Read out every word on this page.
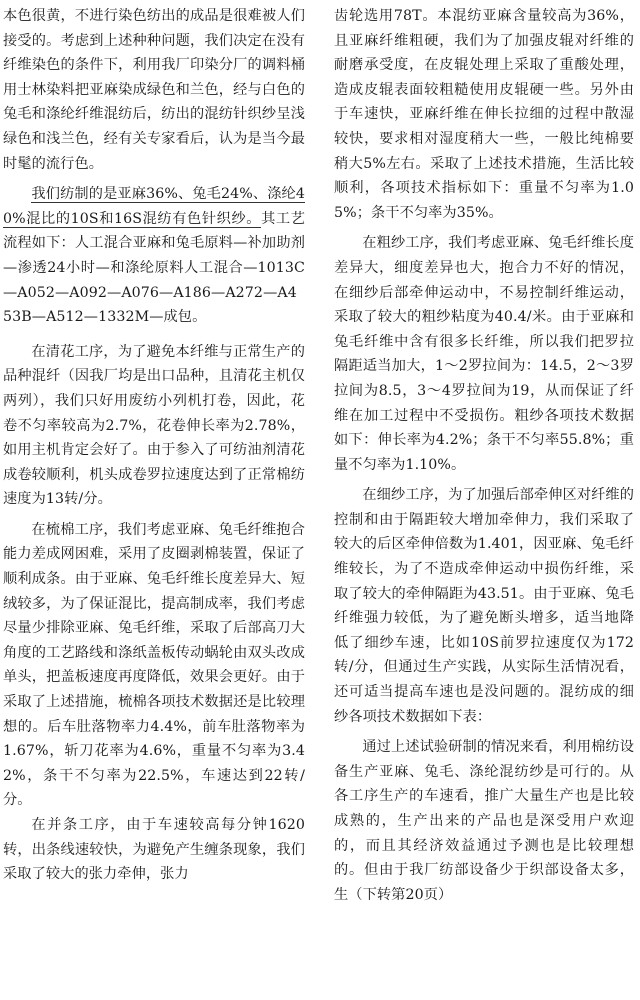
本色很黄，不进行染色纺出的成品是很难被人们接受的。考虑到上述种种问题，我们决定在没有纤维染色的条件下，利用我厂印染分厂的调料桶用士林染料把亚麻染成绿色和兰色，经与白色的兔毛和涤纶纤维混纺后，纺出的混纺针织纱呈浅绿色和浅兰色，经有关专家看后，认为是当今最时髦的流行色。

我们纺制的是亚麻36%、兔毛24%、涤纶40%混比的10S和16S混纺有色针织纱。其工艺流程如下：人工混合亚麻和兔毛原料—补加助剂—渗透24小时—和涤纶原料人工混合—1013C—A052—A092—A076—A186—A272—A453B—A512—1332M—成包。

在清花工序，为了避免本纤维与正常生产的品种混纤（因我厂均是出口品种，且清花主机仅两列），我们只好用废纺小列机打卷，因此，花卷不匀率较高为2.7%，花卷伸长率为2.78%，如用主机肯定会好了。由于参入了可纺油剂清花成卷较顺利，机头成卷罗拉速度达到了正常棉纺速度为13转/分。

在梳棉工序，我们考虑亚麻、兔毛纤维抱合能力差成网困难，采用了皮圈剥棉装置，保证了顺利成条。由于亚麻、兔毛纤维长度差异大、短绒较多，为了保证混比，提高制成率，我们考虑尽量少排除亚麻、兔毛纤维，采取了后部高刀大角度的工艺路线和涤纸盖板传动蜗轮由双头改成单头，把盖板速度再度降低，效果会更好。由于采取了上述措施，梳棉各项技术数据还是比较理想的。后车肚落物率力4.4%，前车肚落物率为1.67%，斩刀花率为4.6%，重量不匀率为3.42%，条干不匀率为22.5%，车速达到22转/分。

在并条工序，由于车速较高每分钟1620转，出条线速较快，为避免产生缠条现象，我们采取了较大的张力牵伸，张力

齿轮选用78T。本混纺亚麻含量较高为36%，且亚麻纤维粗硬，我们为了加强皮辊对纤维的耐磨承受度，在皮辊处理上采取了重酸处理，造成皮辊表面较粗糙使用皮辊硬一些。另外由于车速快，亚麻纤维在伸长拉细的过程中散湿较快，要求相对湿度稍大一些，一般比纯棉要稍大5%左右。采取了上述技术措施，生活比较顺利，各项技术指标如下：重量不匀率为1.05%；条干不匀率为35%。

在粗纱工序，我们考虑亚麻、兔毛纤维长度差异大，细度差异也大，抱合力不好的情况，在细纱后部牵伸运动中，不易控制纤维运动，采取了较大的粗纱粘度为40.4/米。由于亚麻和兔毛纤维中含有很多长纤维，所以我们把罗拉隔距适当加大，1～2罗拉间为：14.5，2～3罗拉间为8.5，3～4罗拉间为19，从而保证了纤维在加工过程中不受损伤。粗纱各项技术数据如下：伸长率为4.2%；条干不匀率55.8%；重量不匀率为1.10%。

在细纱工序，为了加强后部牵伸区对纤维的控制和由于隔距较大增加牵伸力，我们采取了较大的后区牵伸倍数为1.401，因亚麻、兔毛纤维较长，为了不造成牵伸运动中损伤纤维，采取了较大的牵伸隔距为43.51。由于亚麻、兔毛纤维强力较低，为了避免断头增多，适当地降低了细纱车速，比如10S前罗拉速度仅为172转/分，但通过生产实践，从实际生活情况看，还可适当提高车速也是没问题的。混纺成的细纱各项技术数据如下表：

通过上述试验研制的情况来看，利用棉纺设备生产亚麻、兔毛、涤纶混纺纱是可行的。从各工序生产的车速看，推广大量生产也是比较成熟的，生产出来的产品也是深受用户欢迎的，而且其经济效益通过予测也是比较理想的。但由于我厂纺部设备少于织部设备太多，生（下转第20页）
